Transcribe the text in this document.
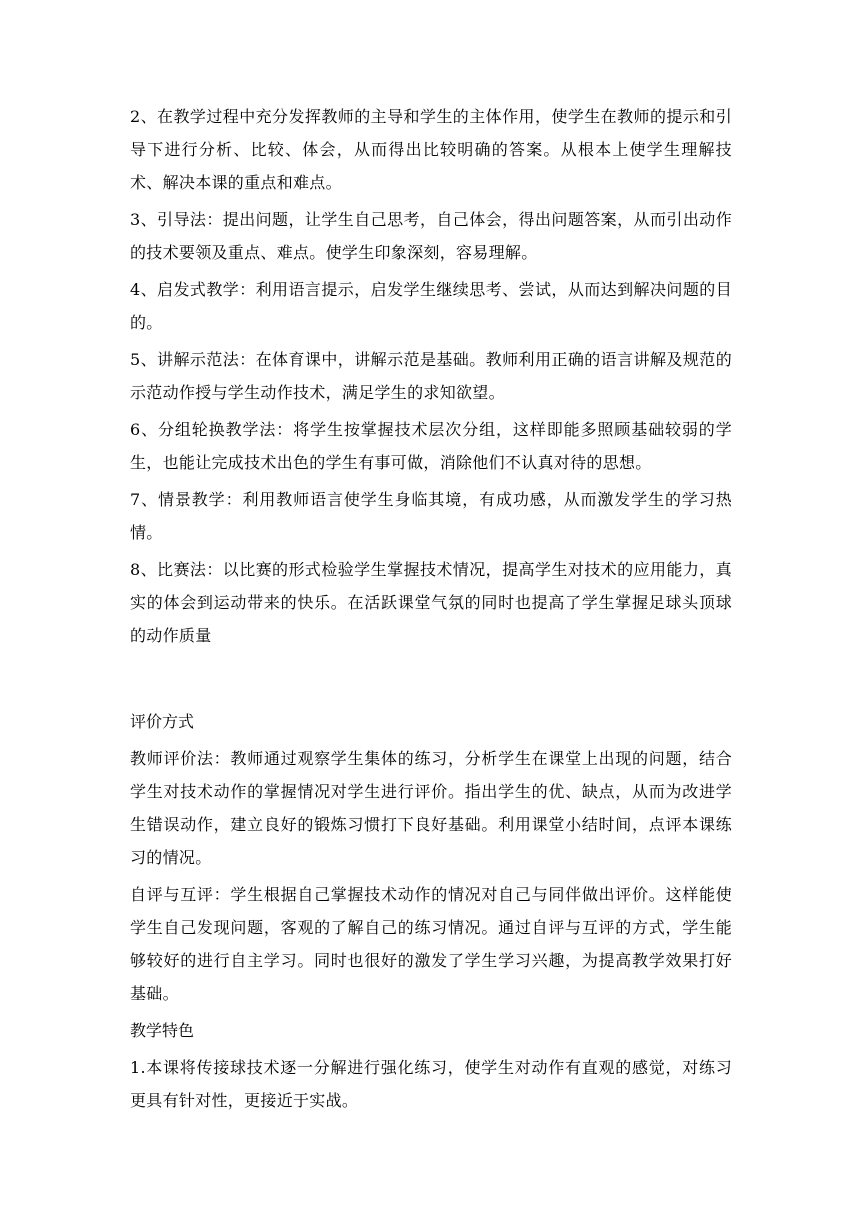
2、在教学过程中充分发挥教师的主导和学生的主体作用，使学生在教师的提示和引导下进行分析、比较、体会，从而得出比较明确的答案。从根本上使学生理解技术、解决本课的重点和难点。

3、引导法：提出问题，让学生自己思考，自己体会，得出问题答案，从而引出动作的技术要领及重点、难点。使学生印象深刻，容易理解。

4、启发式教学：利用语言提示，启发学生继续思考、尝试，从而达到解决问题的目的。

5、讲解示范法：在体育课中，讲解示范是基础。教师利用正确的语言讲解及规范的示范动作授与学生动作技术，满足学生的求知欲望。

6、分组轮换教学法：将学生按掌握技术层次分组，这样即能多照顾基础较弱的学生，也能让完成技术出色的学生有事可做，消除他们不认真对待的思想。

7、情景教学：利用教师语言使学生身临其境，有成功感，从而激发学生的学习热情。

8、比赛法：以比赛的形式检验学生掌握技术情况，提高学生对技术的应用能力，真实的体会到运动带来的快乐。在活跃课堂气氛的同时也提高了学生掌握足球头顶球的动作质量

评价方式

教师评价法：教师通过观察学生集体的练习，分析学生在课堂上出现的问题，结合学生对技术动作的掌握情况对学生进行评价。指出学生的优、缺点，从而为改进学生错误动作，建立良好的锻炼习惯打下良好基础。利用课堂小结时间，点评本课练习的情况。

自评与互评：学生根据自己掌握技术动作的情况对自己与同伴做出评价。这样能使学生自己发现问题，客观的了解自己的练习情况。通过自评与互评的方式，学生能够较好的进行自主学习。同时也很好的激发了学生学习兴趣，为提高教学效果打好基础。

教学特色

1.本课将传接球技术逐一分解进行强化练习，使学生对动作有直观的感觉，对练习更具有针对性，更接近于实战。
